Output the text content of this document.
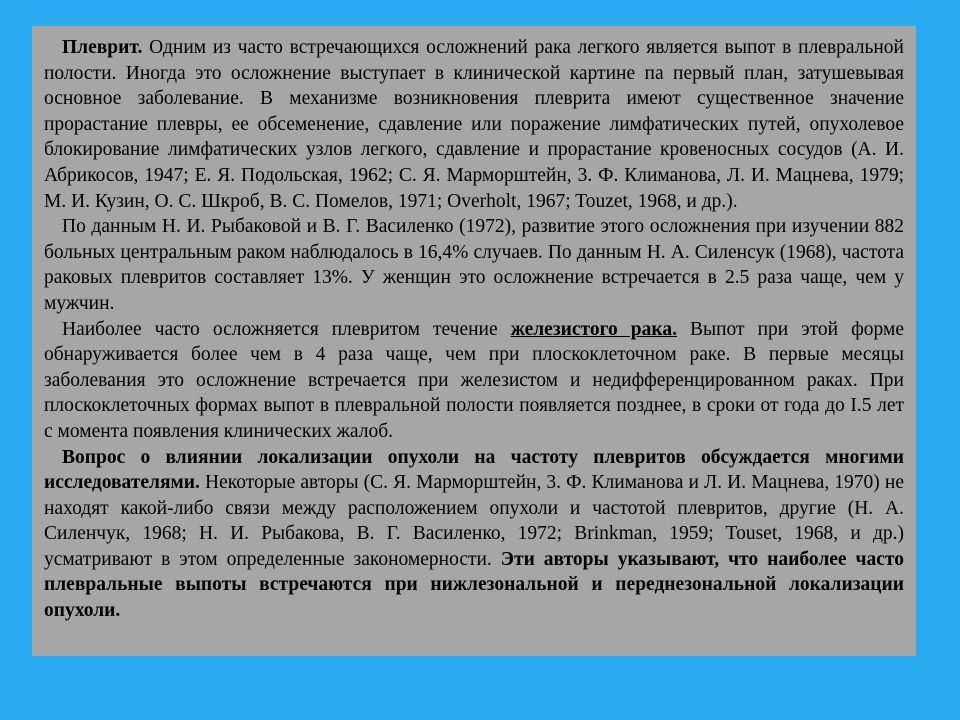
Плеврит. Одним из часто встречающихся осложнений рака легкого является выпот в плевральной полости. Иногда это осложнение выступает в клинической картине па первый план, затушевывая основное заболевание. В механизме возникновения плеврита имеют существенное значение прорастание плевры, ее обсеменение, сдавление или поражение лимфатических путей, опухолевое блокирование лимфатических узлов легкого, сдавление и прорастание кровеносных сосудов (А. И. Абрикосов, 1947; Е. Я. Подольская, 1962; С. Я. Марморштейн, 3. Ф. Климанова, Л. И. Мацнева, 1979; М. И. Кузин, О. С. Шкроб, В. С. Помелов, 1971; Overholt, 1967; Touzet, 1968, и др.).

По данным Н. И. Рыбаковой и В. Г. Василенко (1972), развитие этого осложнения при изучении 882 больных центральным раком наблюдалось в 16,4% случаев. По данным Н. А. Силенсук (1968), частота раковых плевритов составляет 13%. У женщин это осложнение встречается в 2.5 раза чаще, чем у мужчин.

Наиболее часто осложняется плевритом течение железистого рака. Выпот при этой форме обнаруживается более чем в 4 раза чаще, чем при плоскоклеточном раке. В первые месяцы заболевания это осложнение встречается при железистом и недифференцированном раках. При плоскоклеточных формах выпот в плевральной полости появляется позднее, в сроки от года до I.5 лет с момента появления клинических жалоб.

Вопрос о влиянии локализации опухоли на частоту плевритов обсуждается многими исследователями. Некоторые авторы (С. Я. Марморштейн, 3. Ф. Климанова и Л. И. Мацнева, 1970) не находят какой-либо связи между расположением опухоли и частотой плевритов, другие (Н. А. Силенчук, 1968; Н. И. Рыбакова, В. Г. Василенко, 1972; Brinkman, 1959; Touset, 1968, и др.) усматривают в этом определенные закономерности. Эти авторы указывают, что наиболее часто плевральные выпоты встречаются при нижлезональной и переднезональной локализации опухоли.
